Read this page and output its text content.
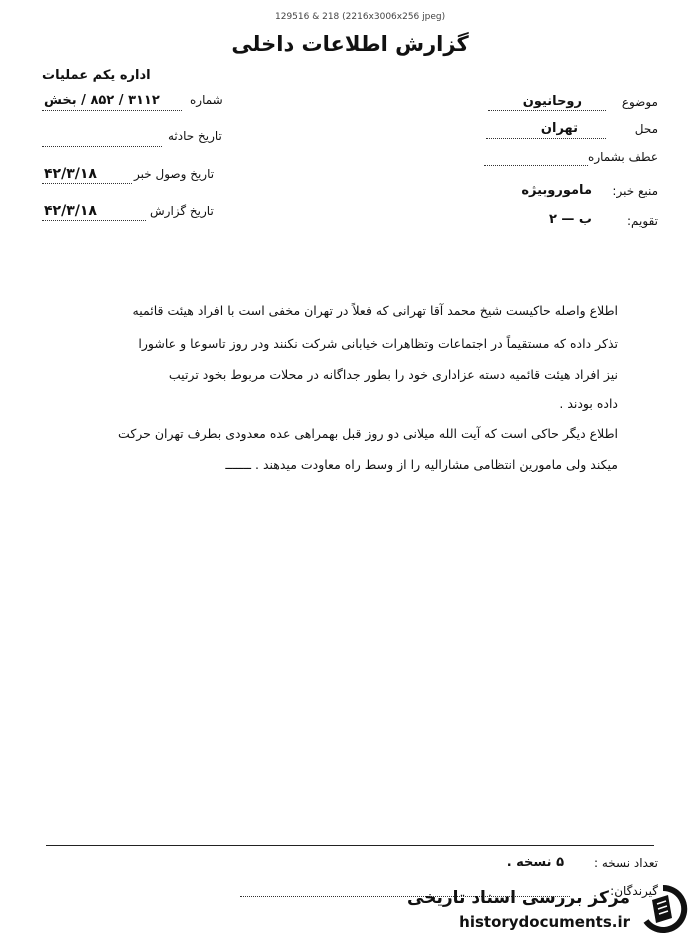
129516 & 218 (2216x3006x256 jpeg)
گزارش اطلاعات داخلی
موضوع
روحانیون
محل
تهران
عطف بشماره
منبع خبر:
ماموروبیژه
تقویم:
ب — ۲
اداره یکم عملیات
شماره
۳۱۱۲ / ۸۵۲ / بخش
تاریخ حادثه
تاریخ وصول خبر
۴۲/۳/۱۸
تاریخ گزارش
۴۲/۳/۱۸
اطلاع واصله حاکیست شیخ محمد آقا تهرانی که فعلاً در تهران مخفی است با افراد هیئت قائمیه
تذکر داده که مستقیماً در اجتماعات وتظاهرات خیابانی شرکت نکنند ودر روز تاسوعا و عاشورا
نیز افراد هیئت قائمیه دسته عزاداری خود را بطور جداگانه در محلات مربوط بخود ترتیب
داده بودند .
اطلاع دیگر حاکی است که آیت الله میلانی دو روز قبل بهمراهی عده معدودی بطرف تهران حرکت
میکند ولی مامورین انتظامی مشارالیه را از وسط راه معاودت میدهند . ـــــــ
تعداد نسخه :
۵ نسخه .
گیرندگان:
مرکز بررسی اسناد تاریخی
historydocuments.ir
